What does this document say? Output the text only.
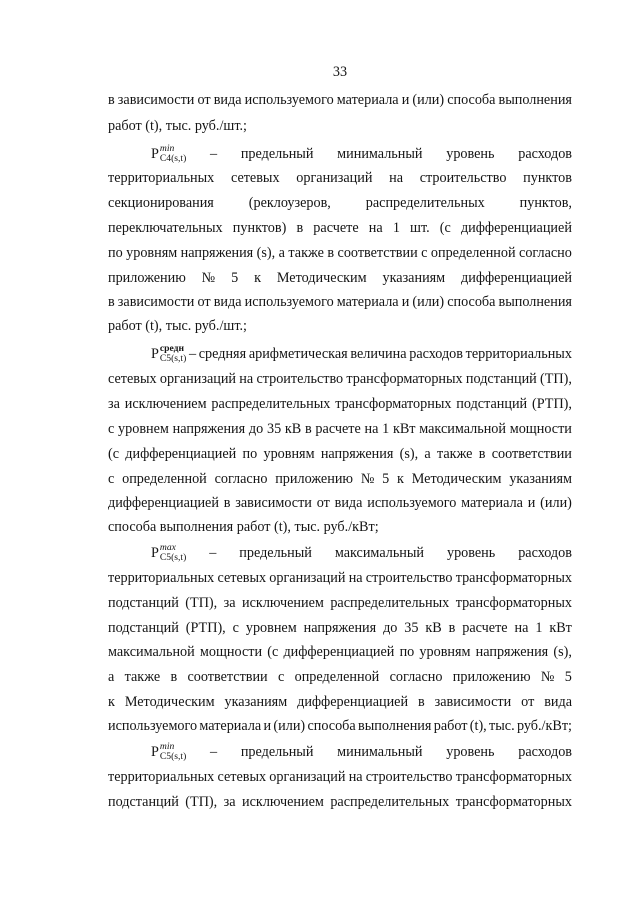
33
в зависимости от вида используемого материала и (или) способа выполнения
работ (t), тыс. руб./шт.;
P min
C4(s,t) – предельный минимальный уровень расходов
территориальных сетевых организаций на строительство пунктов
секционирования (реклоузеров, распределительных пунктов,
переключательных пунктов) в расчете на 1 шт. (с дифференциацией
по уровням напряжения (s), а также в соответствии с определенной согласно
приложению № 5 к Методическим указаниям дифференциацией
в зависимости от вида используемого материала и (или) способа выполнения
работ (t), тыс. руб./шт.;
P средн
C5(s,t) – средняя арифметическая величина расходов территориальных
сетевых организаций на строительство трансформаторных подстанций (ТП),
за исключением распределительных трансформаторных подстанций (РТП),
с уровнем напряжения до 35 кВ в расчете на 1 кВт максимальной мощности
(с дифференциацией по уровням напряжения (s), а также в соответствии
с определенной согласно приложению № 5 к Методическим указаниям
дифференциацией в зависимости от вида используемого материала и (или)
способа выполнения работ (t), тыс. руб./кВт;
P max
C5(s,t) – предельный максимальный уровень расходов
территориальных сетевых организаций на строительство трансформаторных
подстанций (ТП), за исключением распределительных трансформаторных
подстанций (РТП), с уровнем напряжения до 35 кВ в расчете на 1 кВт
максимальной мощности (с дифференциацией по уровням напряжения (s),
а также в соответствии с определенной согласно приложению № 5
к Методическим указаниям дифференциацией в зависимости от вида
используемого материала и (или) способа выполнения работ (t), тыс. руб./кВт;
P min
C5(s,t) – предельный минимальный уровень расходов
территориальных сетевых организаций на строительство трансформаторных
подстанций (ТП), за исключением распределительных трансформаторных
